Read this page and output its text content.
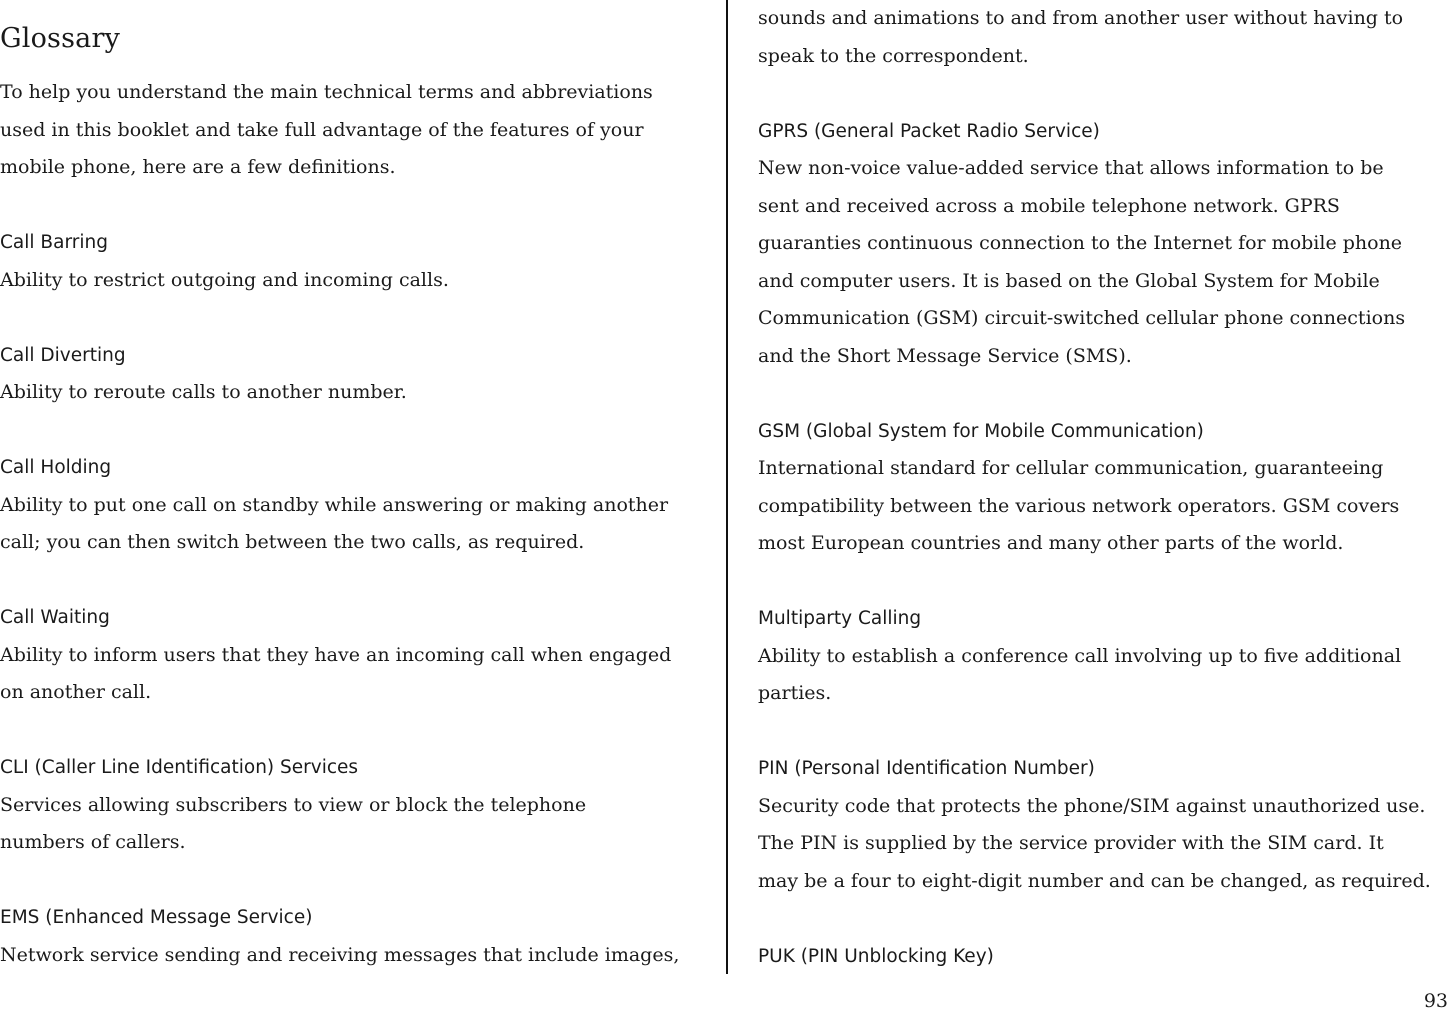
Glossary
To help you understand the main technical terms and abbreviations
used in this booklet and take full advantage of the features of your
mobile phone, here are a few definitions.
Call Barring
Ability to restrict outgoing and incoming calls.
Call Diverting
Ability to reroute calls to another number.
Call Holding
Ability to put one call on standby while answering or making another
call; you can then switch between the two calls, as required.
Call Waiting
Ability to inform users that they have an incoming call when engaged
on another call.
CLI (Caller Line Identification) Services
Services allowing subscribers to view or block the telephone
numbers of callers.
EMS (Enhanced Message Service)
Network service sending and receiving messages that include images,
sounds and animations to and from another user without having to
speak to the correspondent.
GPRS (General Packet Radio Service)
New non-voice value-added service that allows information to be
sent and received across a mobile telephone network. GPRS
guaranties continuous connection to the Internet for mobile phone
and computer users. It is based on the Global System for Mobile
Communication (GSM) circuit-switched cellular phone connections
and the Short Message Service (SMS).
GSM (Global System for Mobile Communication)
International standard for cellular communication, guaranteeing
compatibility between the various network operators. GSM covers
most European countries and many other parts of the world.
Multiparty Calling
Ability to establish a conference call involving up to five additional
parties.
PIN (Personal Identification Number)
Security code that protects the phone/SIM against unauthorized use.
The PIN is supplied by the service provider with the SIM card. It
may be a four to eight-digit number and can be changed, as required.
PUK (PIN Unblocking Key)
93
